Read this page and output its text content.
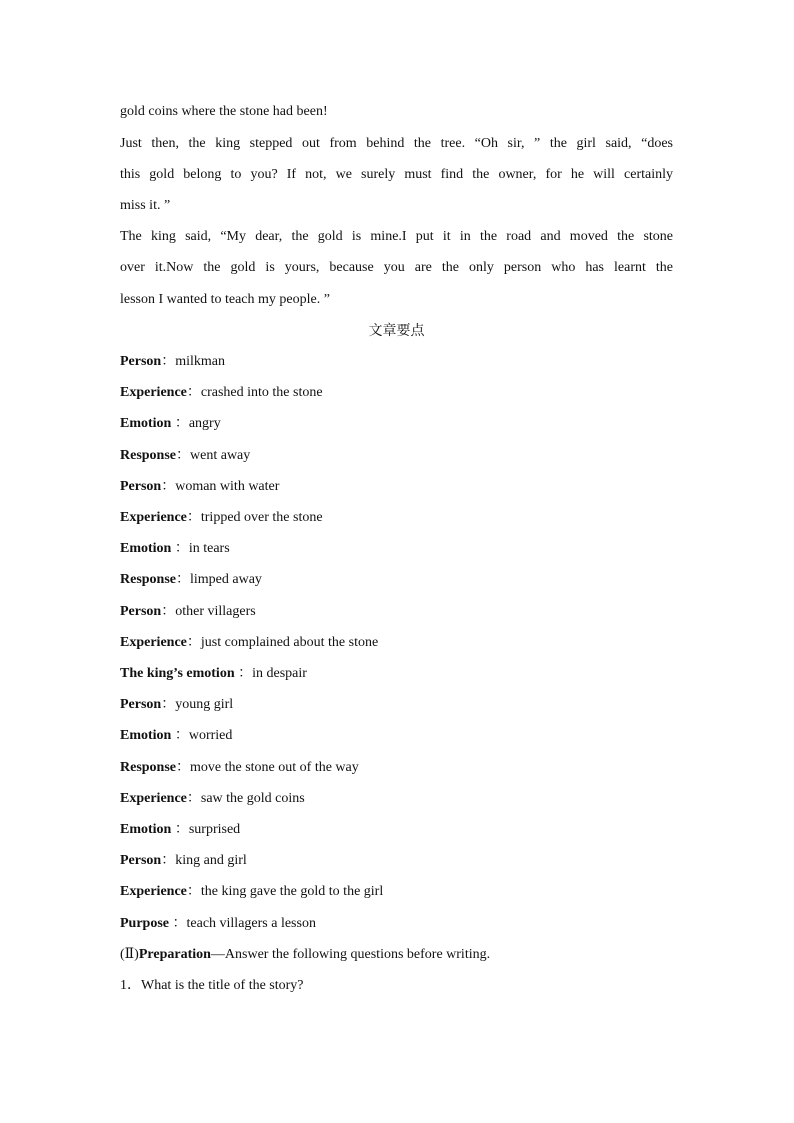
gold coins where the stone had been!
Just then, the king stepped out from behind the tree. “Oh sir, ” the girl said, “does
this gold belong to you? If not, we surely must find the owner, for he will certainly
miss it. ”
The king said, “My dear, the gold is mine.I put it in the road and moved the stone
over it.Now the gold is yours, because you are the only person who has learnt the
lesson I wanted to teach my people. ”
文章要点
Person：milkman
Experience：crashed into the stone
Emotion ：angry
Response：went away
Person：woman with water
Experience：tripped over the stone
Emotion ：in tears
Response：limped away
Person：other villagers
Experience：just complained about the stone
The king’s emotion ：in despair
Person：young girl
Emotion ：worried
Response：move the stone out of the way
Experience：saw the gold coins
Emotion ：surprised
Person：king and girl
Experience：the king gave the gold to the girl
Purpose ：teach villagers a lesson
(Ⅱ)Preparation—Answer the following questions before writing.
1．What is the title of the story?
